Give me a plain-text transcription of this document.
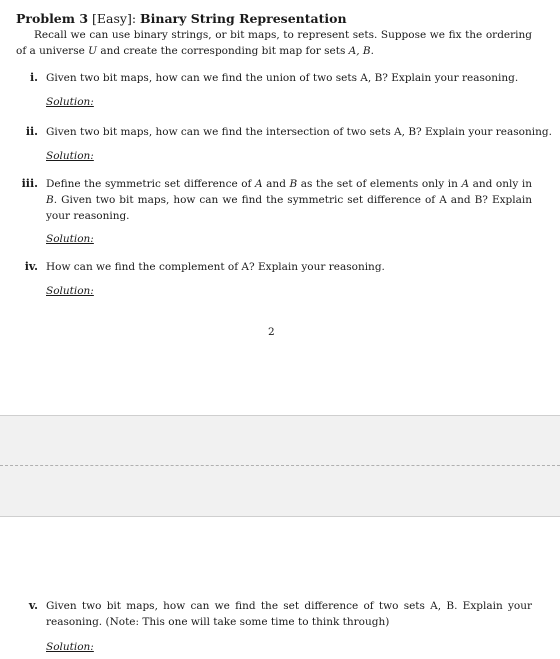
Problem 3 [Easy]: Binary String Representation
Recall we can use binary strings, or bit maps, to represent sets. Suppose we fix the ordering of a universe U and create the corresponding bit map for sets A, B.
i. Given two bit maps, how can we find the union of two sets A, B? Explain your reasoning.
Solution:
ii. Given two bit maps, how can we find the intersection of two sets A, B? Explain your reasoning.
Solution:
iii. Define the symmetric set difference of A and B as the set of elements only in A and only in B. Given two bit maps, how can we find the symmetric set difference of A and B? Explain your reasoning.
Solution:
iv. How can we find the complement of A? Explain your reasoning.
Solution:
2
v. Given two bit maps, how can we find the set difference of two sets A, B. Explain your reasoning. (Note: This one will take some time to think through)
Solution:
